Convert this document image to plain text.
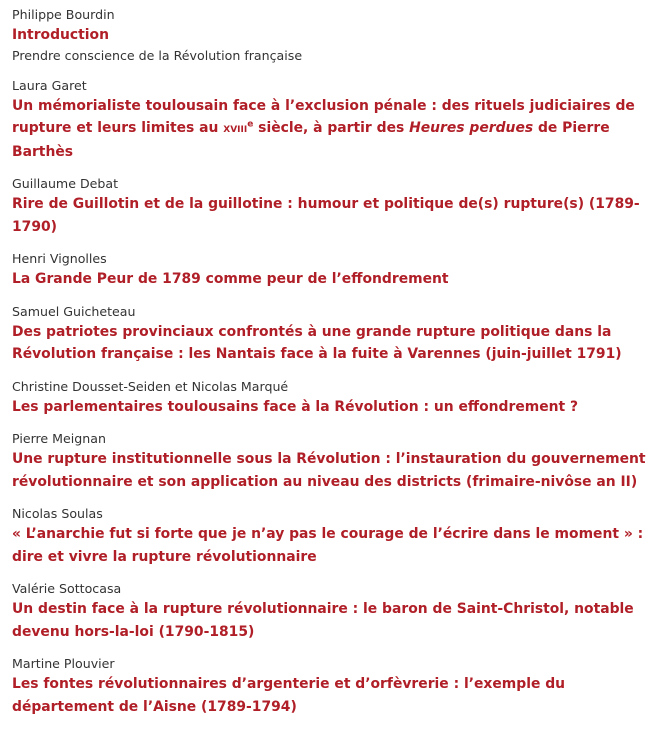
Philippe Bourdin
Introduction
Prendre conscience de la Révolution française
Laura Garet
Un mémorialiste toulousain face à l’exclusion pénale : des rituels judiciaires de rupture et leurs limites au xviii$^e$ siècle, à partir des Heures perdues de Pierre Barthès
Guillaume Debat
Rire de Guillotin et de la guillotine : humour et politique de(s) rupture(s) (1789-1790)
Henri Vignolles
La Grande Peur de 1789 comme peur de l’effondrement
Samuel Guicheteau
Des patriotes provinciaux confrontés à une grande rupture politique dans la Révolution française : les Nantais face à la fuite à Varennes (juin-juillet 1791)
Christine Dousset-Seiden et Nicolas Marqué
Les parlementaires toulousains face à la Révolution : un effondrement ?
Pierre Meignan
Une rupture institutionnelle sous la Révolution : l’instauration du gouvernement révolutionnaire et son application au niveau des districts (frimaire-nivôse an II)
Nicolas Soulas
« L’anarchie fut si forte que je n’ay pas le courage de l’écrire dans le moment » : dire et vivre la rupture révolutionnaire
Valérie Sottocasa
Un destin face à la rupture révolutionnaire : le baron de Saint-Christol, notable devenu hors-la-loi (1790-1815)
Martine Plouvier
Les fontes révolutionnaires d’argenterie et d’orfèvrerie : l’exemple du département de l’Aisne (1789-1794)
